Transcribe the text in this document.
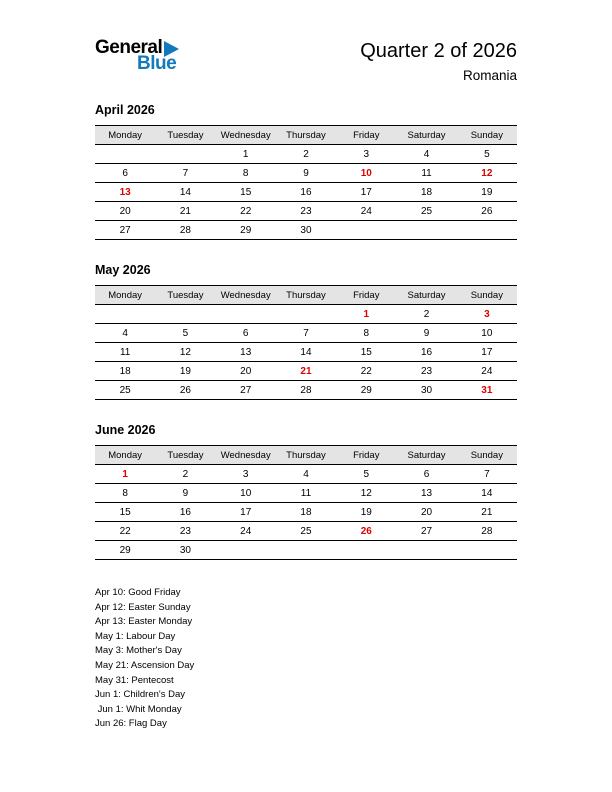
General
Blue
Quarter 2 of 2026
Romania
April 2026
Monday	Tuesday	Wednesday	Thursday	Friday	Saturday	Sunday
		1	2	3	4	5
6	7	8	9	10	11	12
13	14	15	16	17	18	19
20	21	22	23	24	25	26
27	28	29	30			
May 2026
Monday	Tuesday	Wednesday	Thursday	Friday	Saturday	Sunday
				1	2	3
4	5	6	7	8	9	10
11	12	13	14	15	16	17
18	19	20	21	22	23	24
25	26	27	28	29	30	31
June 2026
Monday	Tuesday	Wednesday	Thursday	Friday	Saturday	Sunday
1	2	3	4	5	6	7
8	9	10	11	12	13	14
15	16	17	18	19	20	21
22	23	24	25	26	27	28
29	30					
Apr 10: Good Friday
Apr 12: Easter Sunday
Apr 13: Easter Monday
May 1: Labour Day
May 3: Mother's Day
May 21: Ascension Day
May 31: Pentecost
Jun 1: Children's Day
Jun 1: Whit Monday
Jun 26: Flag Day
